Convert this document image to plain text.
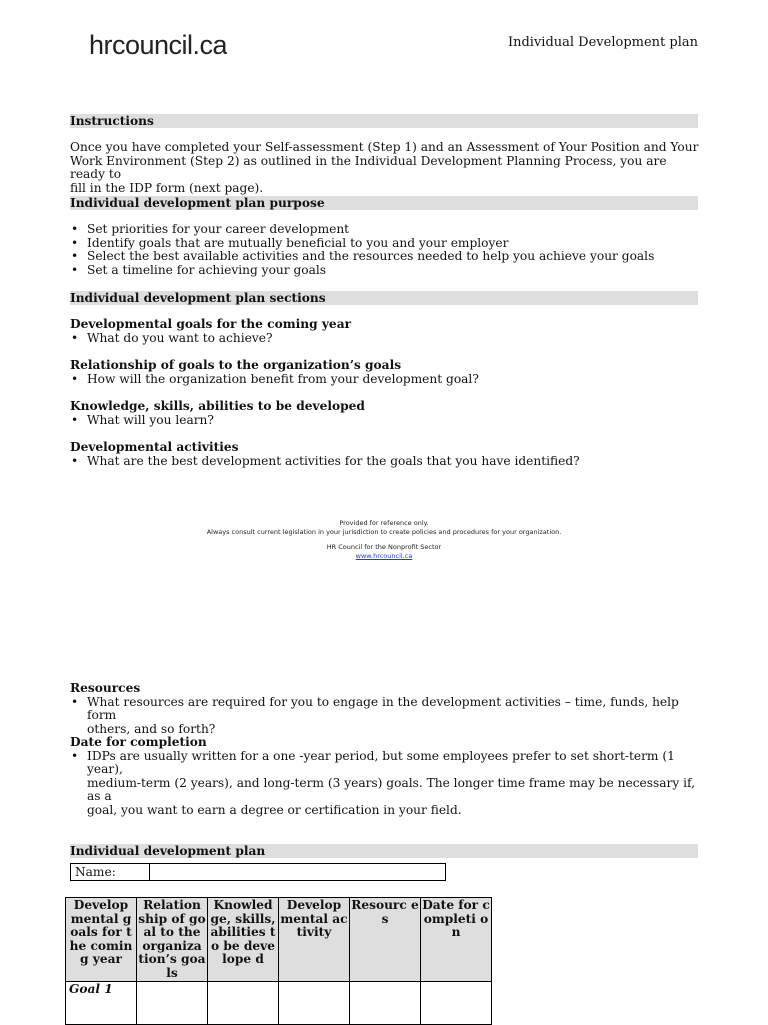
hrcouncil.ca	Individual Development plan
Instructions
Once you have completed your Self-assessment (Step 1) and an Assessment of Your Position and Your
Work Environment (Step 2) as outlined in the Individual Development Planning Process, you are ready to
fill in the IDP form (next page).
Individual development plan purpose
• Set priorities for your career development
• Identify goals that are mutually beneficial to you and your employer
• Select the best available activities and the resources needed to help you achieve your goals
• Set a timeline for achieving your goals
Individual development plan sections
Developmental goals for the coming year
• What do you want to achieve?
Relationship of goals to the organization’s goals
• How will the organization benefit from your development goal?
Knowledge, skills, abilities to be developed
• What will you learn?
Developmental activities
• What are the best development activities for the goals that you have identified?
Provided for reference only.
Always consult current legislation in your jurisdiction to create policies and procedures for your organization.
HR Council for the Nonprofit Sector
www.hrcouncil.ca
Resources
• What resources are required for you to engage in the development activities – time, funds, help form
others, and so forth?
Date for completion
• IDPs are usually written for a one -year period, but some employees prefer to set short-term (1 year),
medium-term (2 years), and long-term (3 years) goals. The longer time frame may be necessary if, as a
goal, you want to earn a degree or certification in your field.
Individual development plan
Name:
Develop mental goals for the coming year	Relation ship of goal to the organiza tion’s goals	Knowled ge, skills, abilities to be develope d	Develop mental activity	Resourc es	Date for completi on
Goal 1					
